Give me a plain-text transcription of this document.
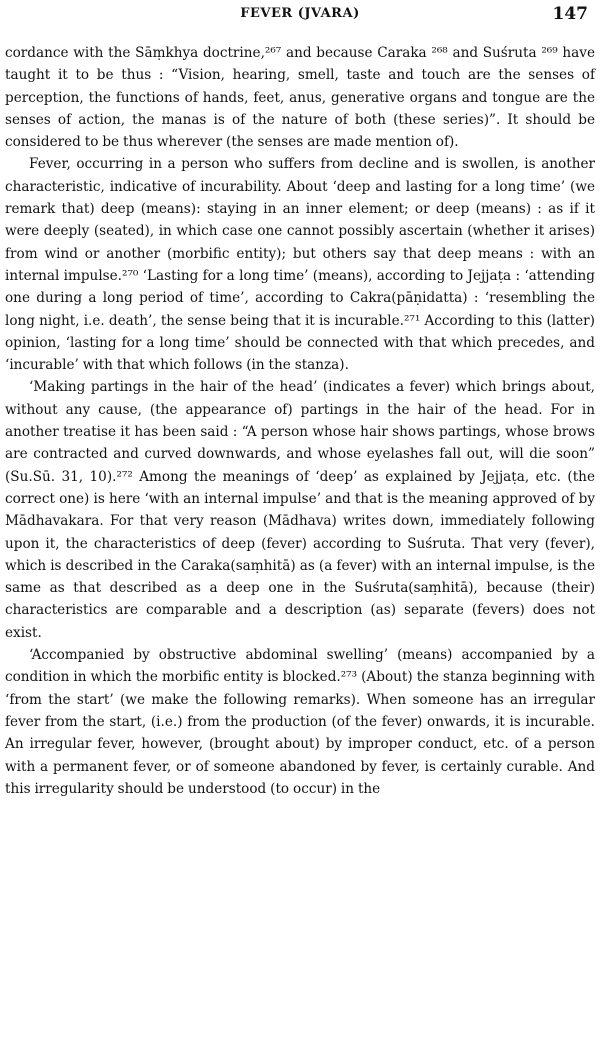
FEVER (JVARA)	147

cordance with the Sāṃkhya doctrine,²⁶⁷ and because Caraka ²⁶⁸ and Suśruta ²⁶⁹ have taught it to be thus : “Vision, hearing, smell, taste and touch are the senses of perception, the functions of hands, feet, anus, generative organs and tongue are the senses of action, the manas is of the nature of both (these series)”. It should be considered to be thus wherever (the senses are made mention of).

Fever, occurring in a person who suffers from decline and is swollen, is another characteristic, indicative of incurability. About ‘deep and lasting for a long time’ (we remark that) deep (means): staying in an inner element; or deep (means) : as if it were deeply (seated), in which case one cannot possibly ascertain (whether it arises) from wind or another (morbific entity); but others say that deep means : with an internal impulse.²⁷⁰ ‘Lasting for a long time’ (means), according to Jejjaṭa : ‘attending one during a long period of time’, according to Cakra(pāṇidatta) : ‘resembling the long night, i.e. death’, the sense being that it is incurable.²⁷¹ According to this (latter) opinion, ‘lasting for a long time’ should be connected with that which precedes, and ‘incurable’ with that which follows (in the stanza).

‘Making partings in the hair of the head’ (indicates a fever) which brings about, without any cause, (the appearance of) partings in the hair of the head. For in another treatise it has been said : “A person whose hair shows partings, whose brows are contracted and curved downwards, and whose eyelashes fall out, will die soon” (Su.Sū. 31, 10).²⁷² Among the meanings of ‘deep’ as explained by Jejjaṭa, etc. (the correct one) is here ‘with an internal impulse’ and that is the meaning approved of by Mādhavakara. For that very reason (Mādhava) writes down, immediately following upon it, the characteristics of deep (fever) according to Suśruta. That very (fever), which is described in the Caraka(saṃhitā) as (a fever) with an internal impulse, is the same as that described as a deep one in the Suśruta(saṃhitā), because (their) characteristics are comparable and a description (as) separate (fevers) does not exist.

‘Accompanied by obstructive abdominal swelling’ (means) accompanied by a condition in which the morbific entity is blocked.²⁷³ (About) the stanza beginning with ‘from the start’ (we make the following remarks). When someone has an irregular fever from the start, (i.e.) from the production (of the fever) onwards, it is incurable. An irregular fever, however, (brought about) by improper conduct, etc. of a person with a permanent fever, or of someone abandoned by fever, is certainly curable. And this irregularity should be understood (to occur) in the
